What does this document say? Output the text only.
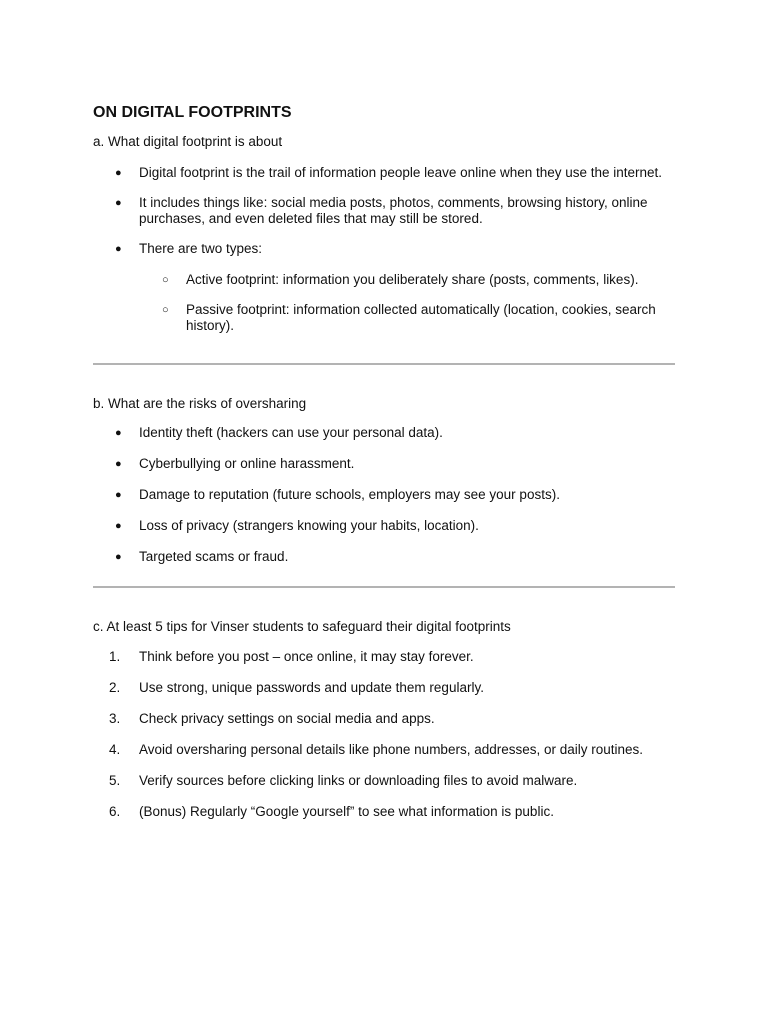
ON DIGITAL FOOTPRINTS

a. What digital footprint is about

● Digital footprint is the trail of information people leave online when they use the internet.
● It includes things like: social media posts, photos, comments, browsing history, online purchases, and even deleted files that may still be stored.
● There are two types:
○ Active footprint: information you deliberately share (posts, comments, likes).
○ Passive footprint: information collected automatically (location, cookies, search history).

b. What are the risks of oversharing

● Identity theft (hackers can use your personal data).
● Cyberbullying or online harassment.
● Damage to reputation (future schools, employers may see your posts).
● Loss of privacy (strangers knowing your habits, location).
● Targeted scams or fraud.

c. At least 5 tips for Vinser students to safeguard their digital footprints

1.	Think before you post – once online, it may stay forever.
2.	Use strong, unique passwords and update them regularly.
3.	Check privacy settings on social media and apps.
4.	Avoid oversharing personal details like phone numbers, addresses, or daily routines.
5.	Verify sources before clicking links or downloading files to avoid malware.
6.	(Bonus) Regularly “Google yourself” to see what information is public.
